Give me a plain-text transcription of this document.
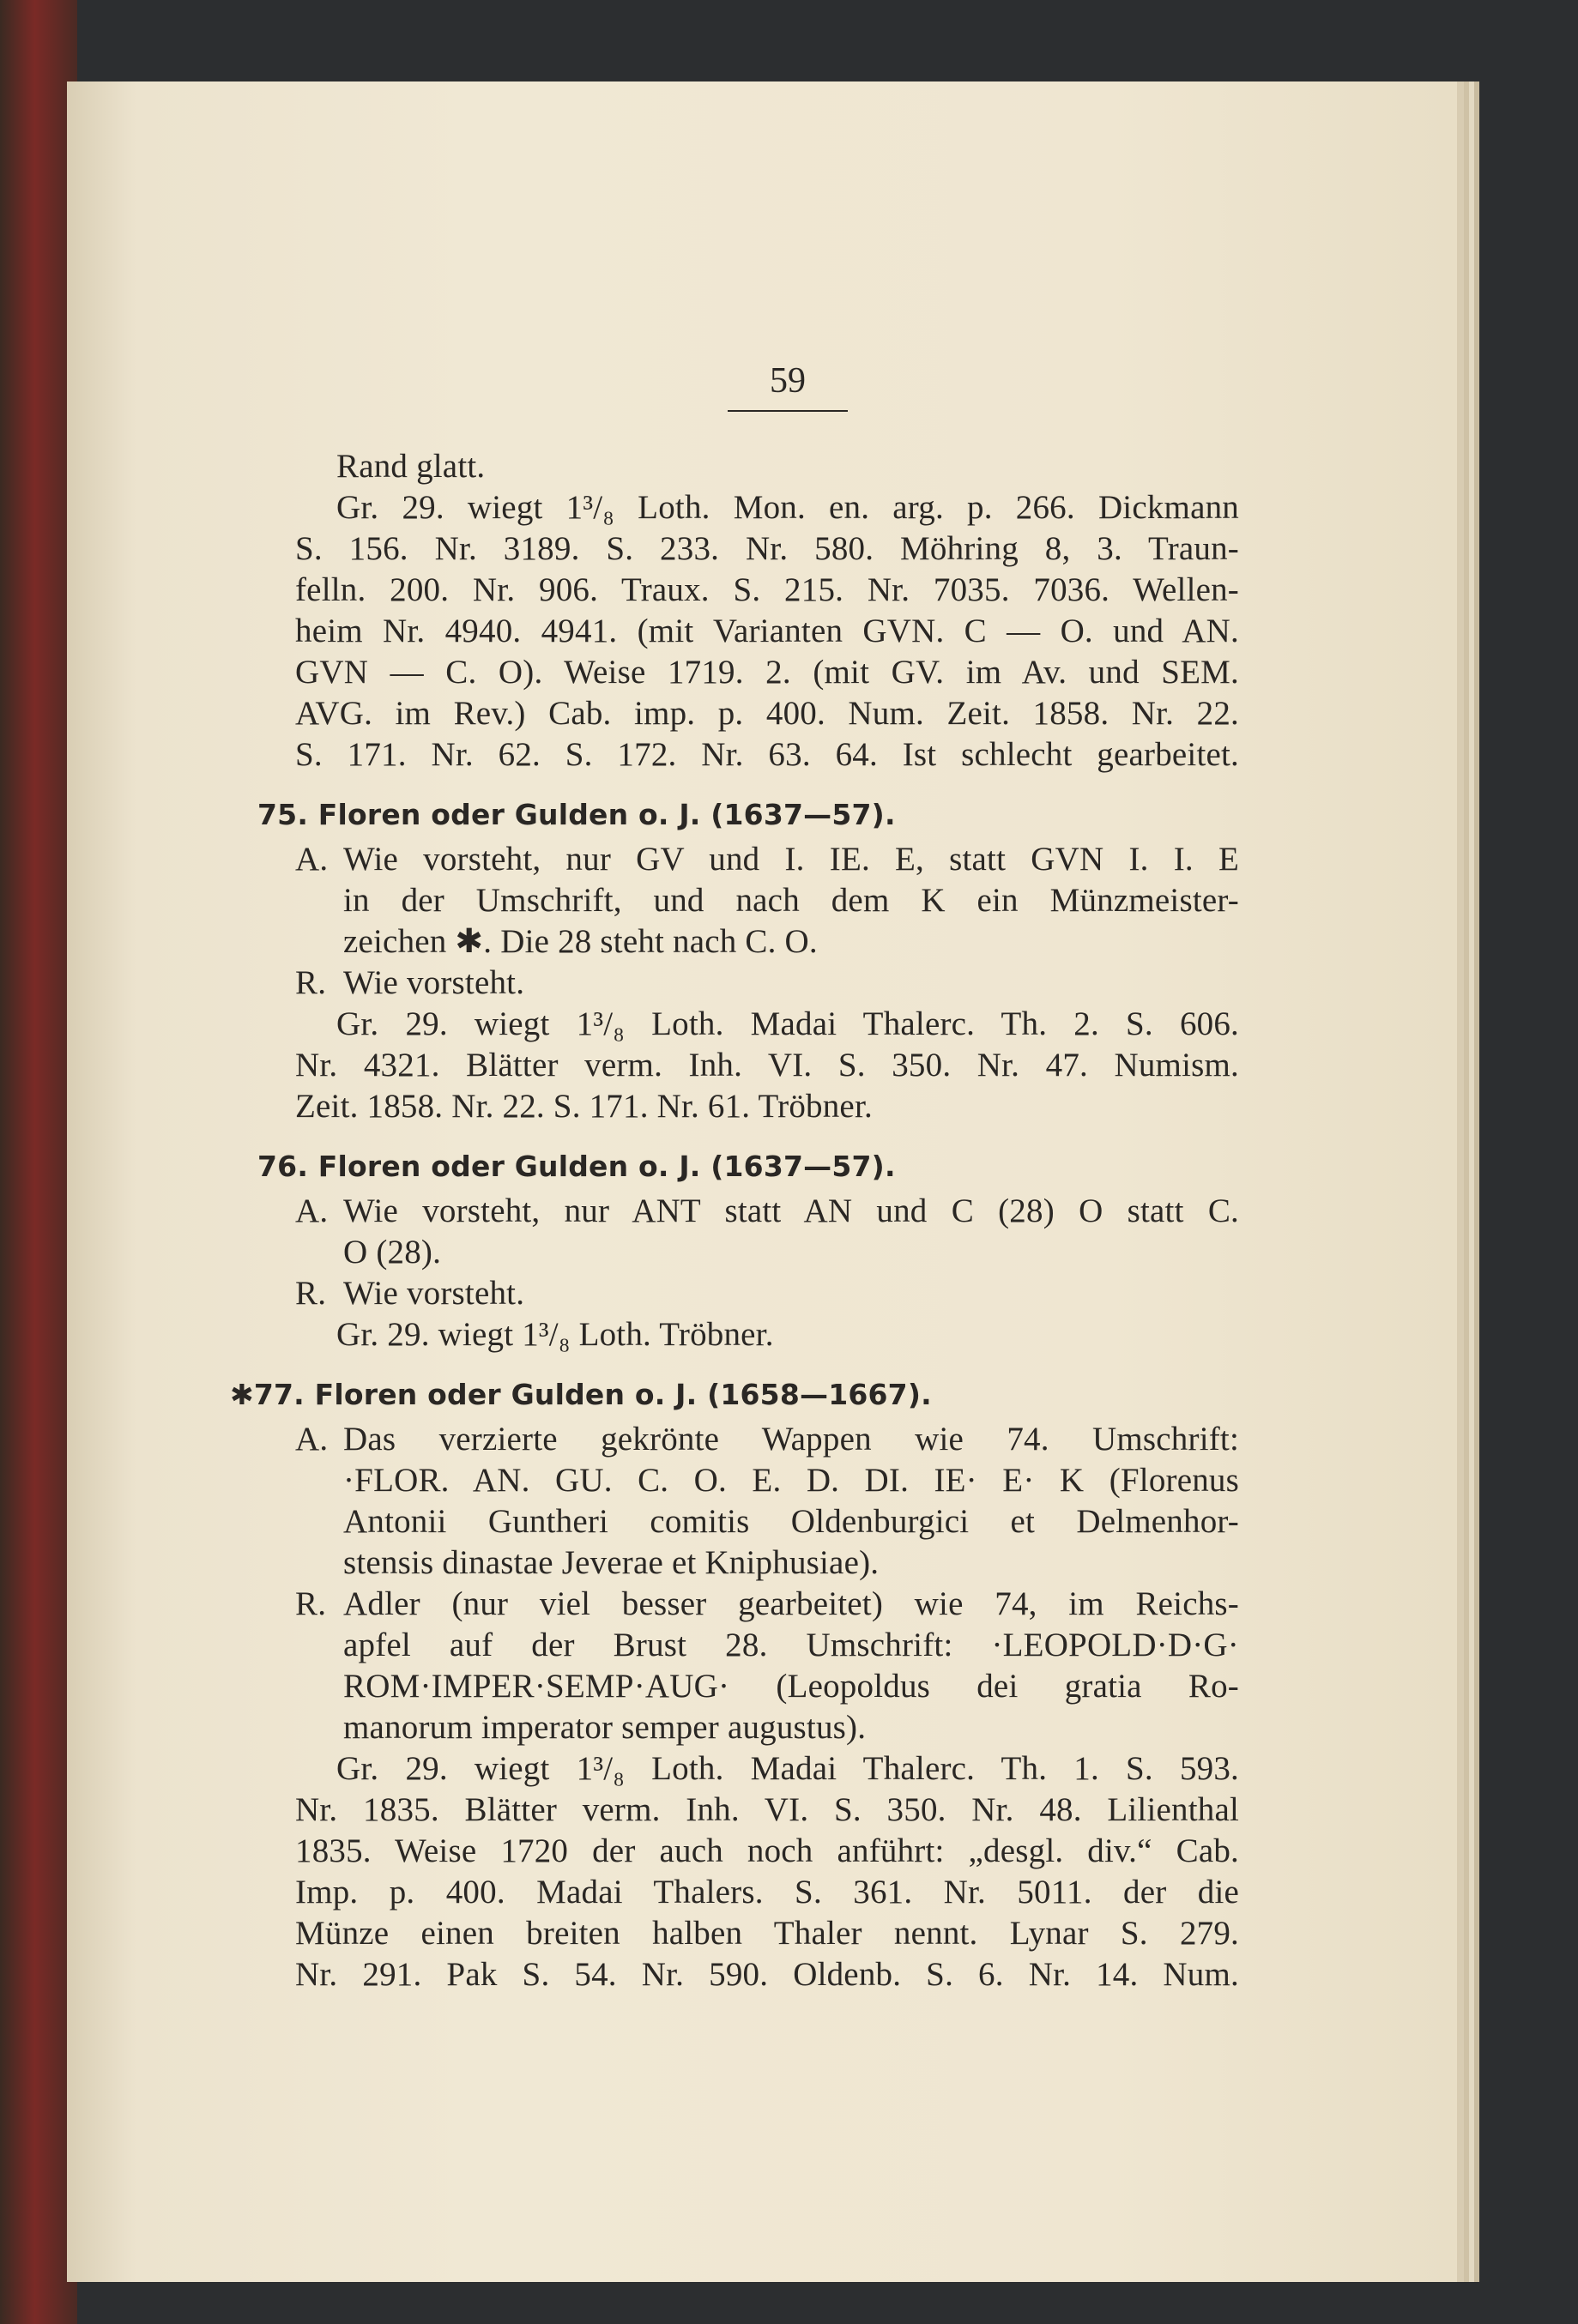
59
Rand glatt.
Gr. 29. wiegt 1³/₈ Loth. Mon. en. arg. p. 266. Dickmann
S. 156. Nr. 3189. S. 233. Nr. 580. Möhring 8, 3. Traun-
felln. 200. Nr. 906. Traux. S. 215. Nr. 7035. 7036. Wellen-
heim Nr. 4940. 4941. (mit Varianten GVN. C — O. und AN.
GVN — C. O). Weise 1719. 2. (mit GV. im Av. und SEM.
AVG. im Rev.) Cab. imp. p. 400. Num. Zeit. 1858. Nr. 22.
S. 171. Nr. 62. S. 172. Nr. 63. 64. Ist schlecht gearbeitet.
75. Floren oder Gulden o. J. (1637—57).
A. Wie vorsteht, nur GV und I. IE. E, statt GVN I. I. E
in der Umschrift, und nach dem K ein Münzmeister-
zeichen ✱. Die 28 steht nach C. O.
R. Wie vorsteht.
Gr. 29. wiegt 1³/₈ Loth. Madai Thalerc. Th. 2. S. 606.
Nr. 4321. Blätter verm. Inh. VI. S. 350. Nr. 47. Numism.
Zeit. 1858. Nr. 22. S. 171. Nr. 61. Tröbner.
76. Floren oder Gulden o. J. (1637—57).
A. Wie vorsteht, nur ANT statt AN und C (28) O statt C.
O (28).
R. Wie vorsteht.
Gr. 29. wiegt 1³/₈ Loth. Tröbner.
✱77. Floren oder Gulden o. J. (1658—1667).
A. Das verzierte gekrönte Wappen wie 74. Umschrift:
·FLOR. AN. GU. C. O. E. D. DI. IE· E· K (Florenus
Antonii Guntheri comitis Oldenburgici et Delmenhor-
stensis dinastae Jeverae et Kniphusiae).
R. Adler (nur viel besser gearbeitet) wie 74, im Reichs-
apfel auf der Brust 28. Umschrift: ·LEOPOLD·D·G·
ROM·IMPER·SEMP·AUG· (Leopoldus dei gratia Ro-
manorum imperator semper augustus).
Gr. 29. wiegt 1³/₈ Loth. Madai Thalerc. Th. 1. S. 593.
Nr. 1835. Blätter verm. Inh. VI. S. 350. Nr. 48. Lilienthal
1835. Weise 1720 der auch noch anführt: „desgl. div.“ Cab.
Imp. p. 400. Madai Thalers. S. 361. Nr. 5011. der die
Münze einen breiten halben Thaler nennt. Lynar S. 279.
Nr. 291. Pak S. 54. Nr. 590. Oldenb. S. 6. Nr. 14. Num.
